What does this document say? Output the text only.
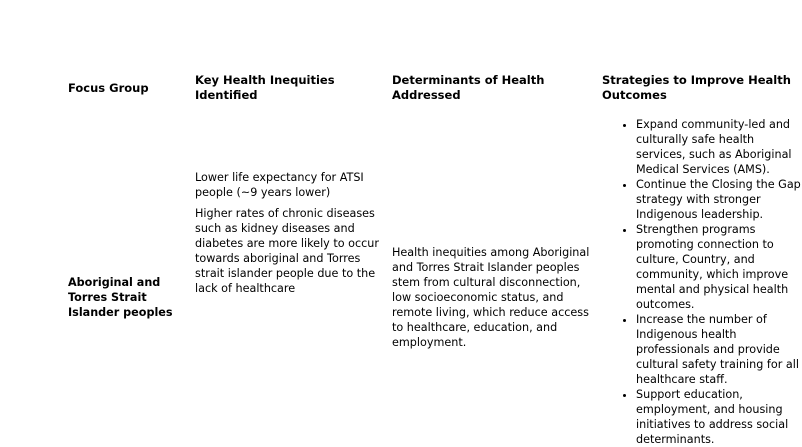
Focus Group
Key Health Inequities Identified
Determinants of Health Addressed
Strategies to Improve Health Outcomes
Aboriginal and Torres Strait Islander peoples

Lower life expectancy for ATSI people (~9 years lower)

Higher rates of chronic diseases such as kidney diseases and diabetes are more likely to occur towards aboriginal and Torres strait islander people due to the lack of healthcare

Health inequities among Aboriginal and Torres Strait Islander peoples stem from cultural disconnection, low socioeconomic status, and remote living, which reduce access to healthcare, education, and employment.
• Expand community-led and culturally safe health services, such as Aboriginal Medical Services (AMS).
• Continue the Closing the Gap strategy with stronger Indigenous leadership.
• Strengthen programs promoting connection to culture, Country, and community, which improve mental and physical health outcomes.
• Increase the number of Indigenous health professionals and provide cultural safety training for all healthcare staff.
• Support education, employment, and housing initiatives to address social determinants.
